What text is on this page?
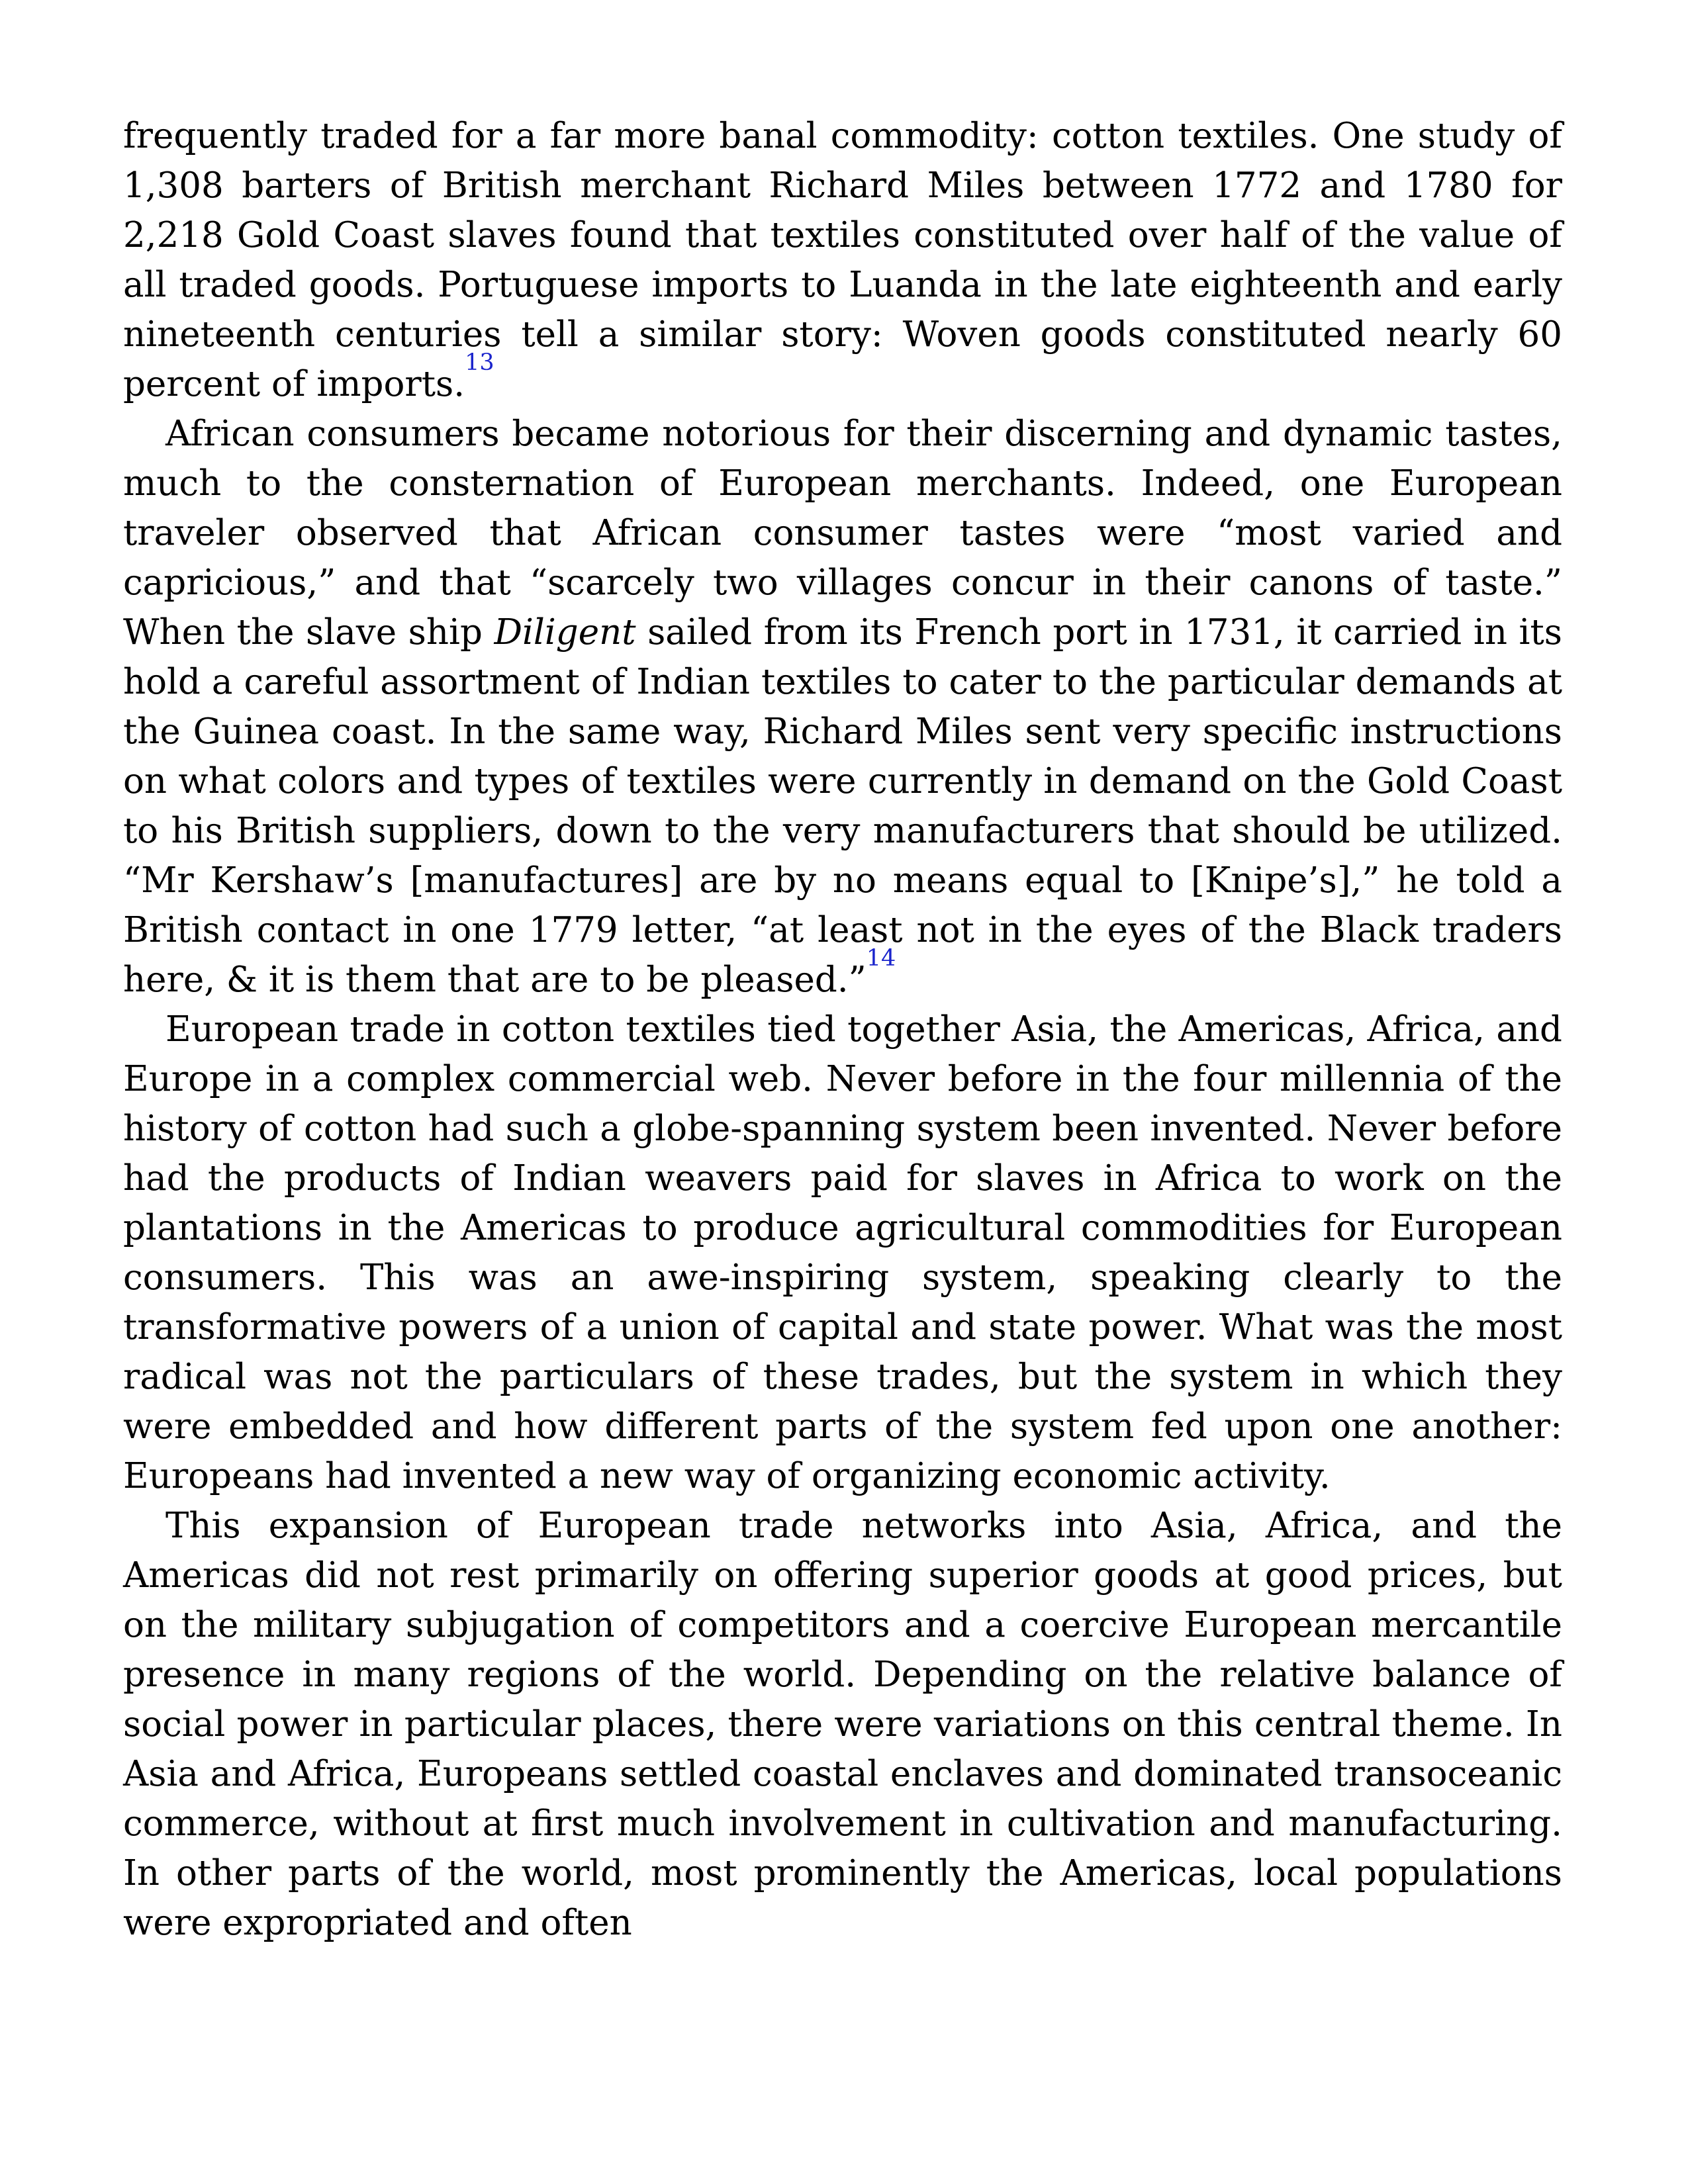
frequently traded for a far more banal commodity: cotton textiles. One study of 1,308 barters of British merchant Richard Miles between 1772 and 1780 for 2,218 Gold Coast slaves found that textiles constituted over half of the value of all traded goods. Portuguese imports to Luanda in the late eighteenth and early nineteenth centuries tell a similar story: Woven goods constituted nearly 60 percent of imports.$^{13}$

African consumers became notorious for their discerning and dynamic tastes, much to the consternation of European merchants. Indeed, one European traveler observed that African consumer tastes were “most varied and capricious,” and that “scarcely two villages concur in their canons of taste.” When the slave ship Diligent sailed from its French port in 1731, it carried in its hold a careful assortment of Indian textiles to cater to the particular demands at the Guinea coast. In the same way, Richard Miles sent very specific instructions on what colors and types of textiles were currently in demand on the Gold Coast to his British suppliers, down to the very manufacturers that should be utilized. “Mr Kershaw’s [manufactures] are by no means equal to [Knipe’s],” he told a British contact in one 1779 letter, “at least not in the eyes of the Black traders here, & it is them that are to be pleased.”$^{14}$

European trade in cotton textiles tied together Asia, the Americas, Africa, and Europe in a complex commercial web. Never before in the four millennia of the history of cotton had such a globe-spanning system been invented. Never before had the products of Indian weavers paid for slaves in Africa to work on the plantations in the Americas to produce agricultural commodities for European consumers. This was an awe-inspiring system, speaking clearly to the transformative powers of a union of capital and state power. What was the most radical was not the particulars of these trades, but the system in which they were embedded and how different parts of the system fed upon one another: Europeans had invented a new way of organizing economic activity.

This expansion of European trade networks into Asia, Africa, and the Americas did not rest primarily on offering superior goods at good prices, but on the military subjugation of competitors and a coercive European mercantile presence in many regions of the world. Depending on the relative balance of social power in particular places, there were variations on this central theme. In Asia and Africa, Europeans settled coastal enclaves and dominated transoceanic commerce, without at first much involvement in cultivation and manufacturing. In other parts of the world, most prominently the Americas, local populations were expropriated and often
